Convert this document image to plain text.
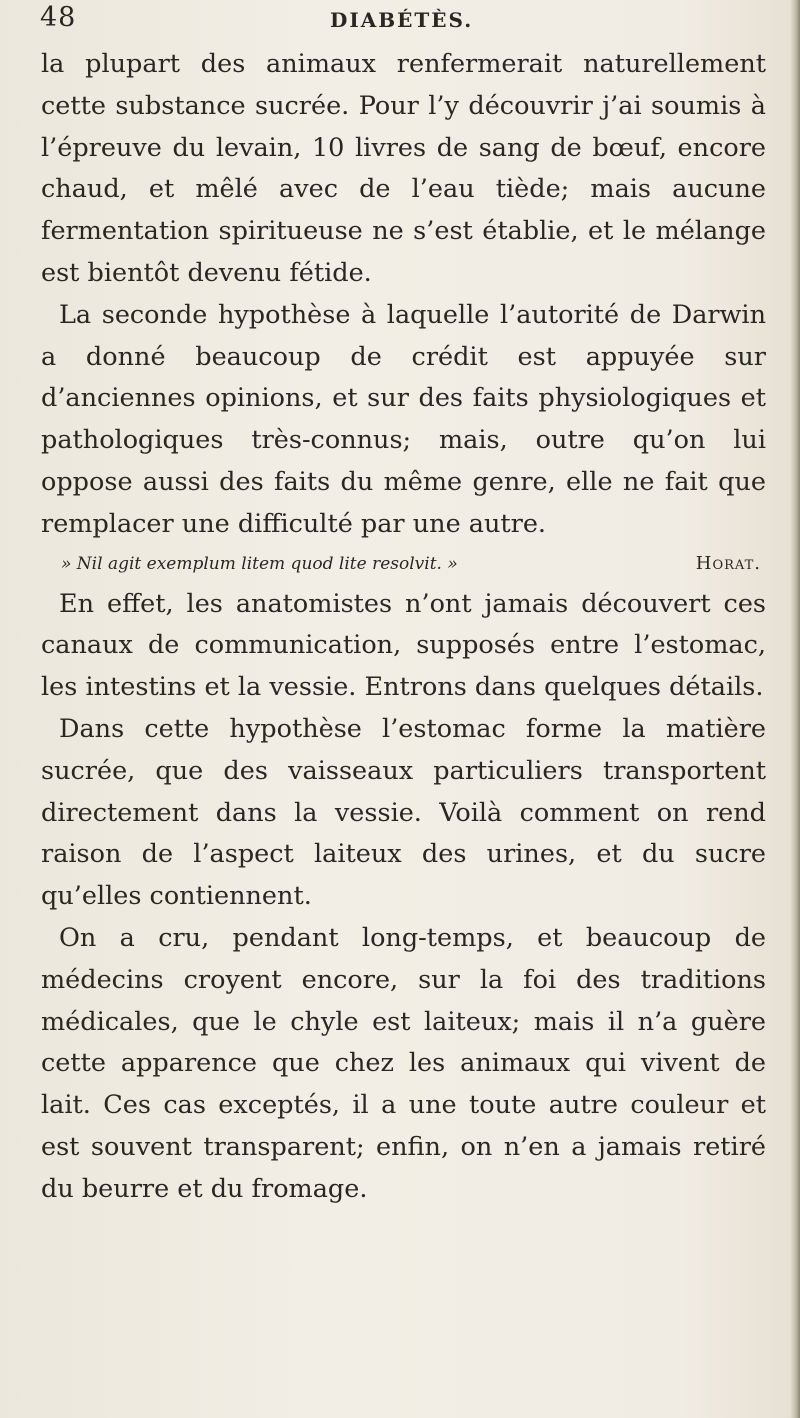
48	DIABÉTÈS.

la plupart des animaux renfermerait naturellement cette substance sucrée. Pour l’y découvrir j’ai soumis à l’épreuve du levain, 10 livres de sang de bœuf, encore chaud, et mêlé avec de l’eau tiède; mais aucune fermentation spiritueuse ne s’est établie, et le mélange est bientôt devenu fétide.

La seconde hypothèse à laquelle l’autorité de Darwin a donné beaucoup de crédit est appuyée sur d’anciennes opinions, et sur des faits physiologiques et pathologiques très-connus; mais, outre qu’on lui oppose aussi des faits du même genre, elle ne fait que remplacer une difficulté par une autre.

» Nil agit exemplum litem quod lite resolvit. »	Horat.

En effet, les anatomistes n’ont jamais découvert ces canaux de communication, supposés entre l’estomac, les intestins et la vessie. Entrons dans quelques détails.

Dans cette hypothèse l’estomac forme la matière sucrée, que des vaisseaux particuliers transportent directement dans la vessie. Voilà comment on rend raison de l’aspect laiteux des urines, et du sucre qu’elles contiennent.

On a cru, pendant long-temps, et beaucoup de médecins croyent encore, sur la foi des traditions médicales, que le chyle est laiteux; mais il n’a guère cette apparence que chez les animaux qui vivent de lait. Ces cas exceptés, il a une toute autre couleur et est souvent transparent; enfin, on n’en a jamais retiré du beurre et du fromage.
